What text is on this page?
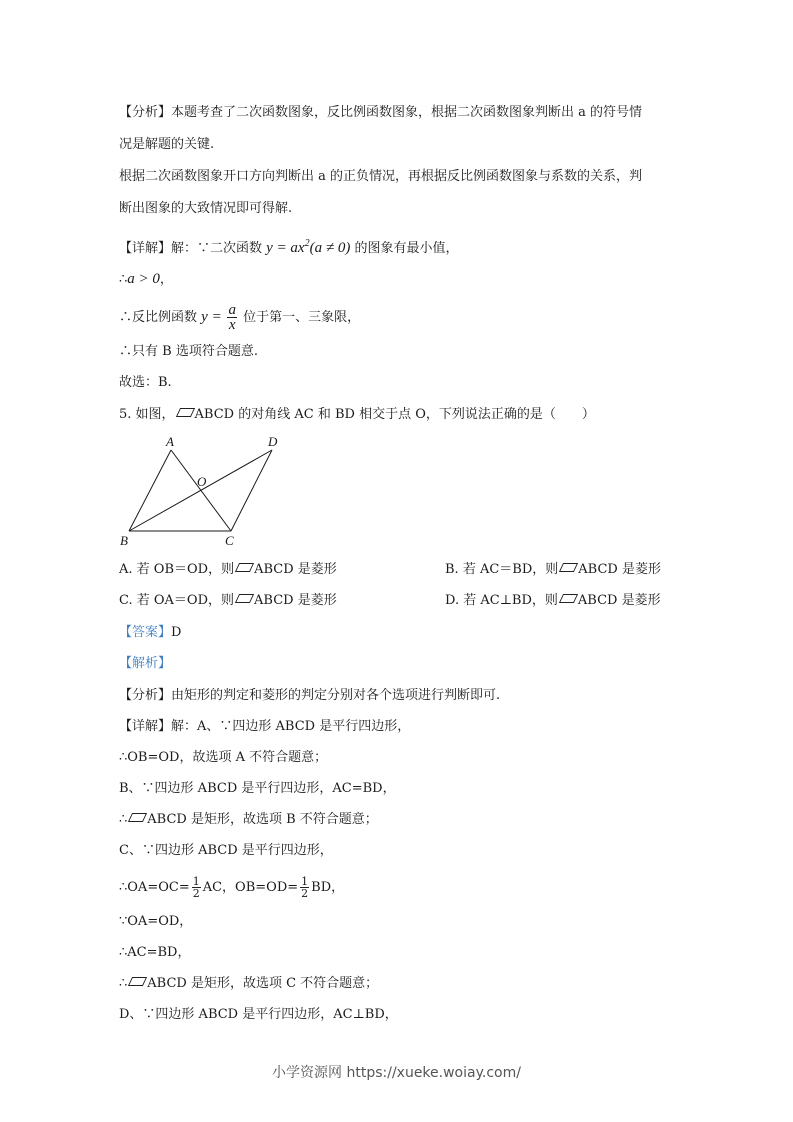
【分析】本题考查了二次函数图象，反比例函数图象，根据二次函数图象判断出 a 的符号情
况是解题的关键.
根据二次函数图象开口方向判断出 a 的正负情况，再根据反比例函数图象与系数的关系，判
断出图象的大致情况即可得解.
【详解】解：∵二次函数 $y = ax^2(a \ne 0)$ 的图象有最小值，
∴a > 0，
∴反比例函数 $y = \frac{a}{x}$ 位于第一、三象限，
∴只有 B 选项符合题意.
故选：B.
5. 如图， ABCD 的对角线 AC 和 BD 相交于点 O，下列说法正确的是（　　）
A	D
O
B	C
A. 若 OB＝OD，则 ABCD 是菱形	B. 若 AC＝BD，则 ABCD 是菱形
C. 若 OA＝OD，则 ABCD 是菱形	D. 若 AC⊥BD，则 ABCD 是菱形
【答案】D
【解析】
【分析】由矩形的判定和菱形的判定分别对各个选项进行判断即可.
【详解】解：A、∵四边形 ABCD 是平行四边形，
∴OB=OD，故选项 A 不符合题意；
B、∵四边形 ABCD 是平行四边形，AC=BD，
∴ ABCD 是矩形，故选项 B 不符合题意；
C、∵四边形 ABCD 是平行四边形，
∴OA=OC= $\frac{1}{2}$ AC，$OB=OD= \frac{1}{2}$ BD，
∵OA=OD，
∴AC=BD，
∴ ABCD 是矩形，故选项 C 不符合题意；
D、∵四边形 ABCD 是平行四边形，AC⊥BD，
小学资源网 https://xueke.woiay.com/
